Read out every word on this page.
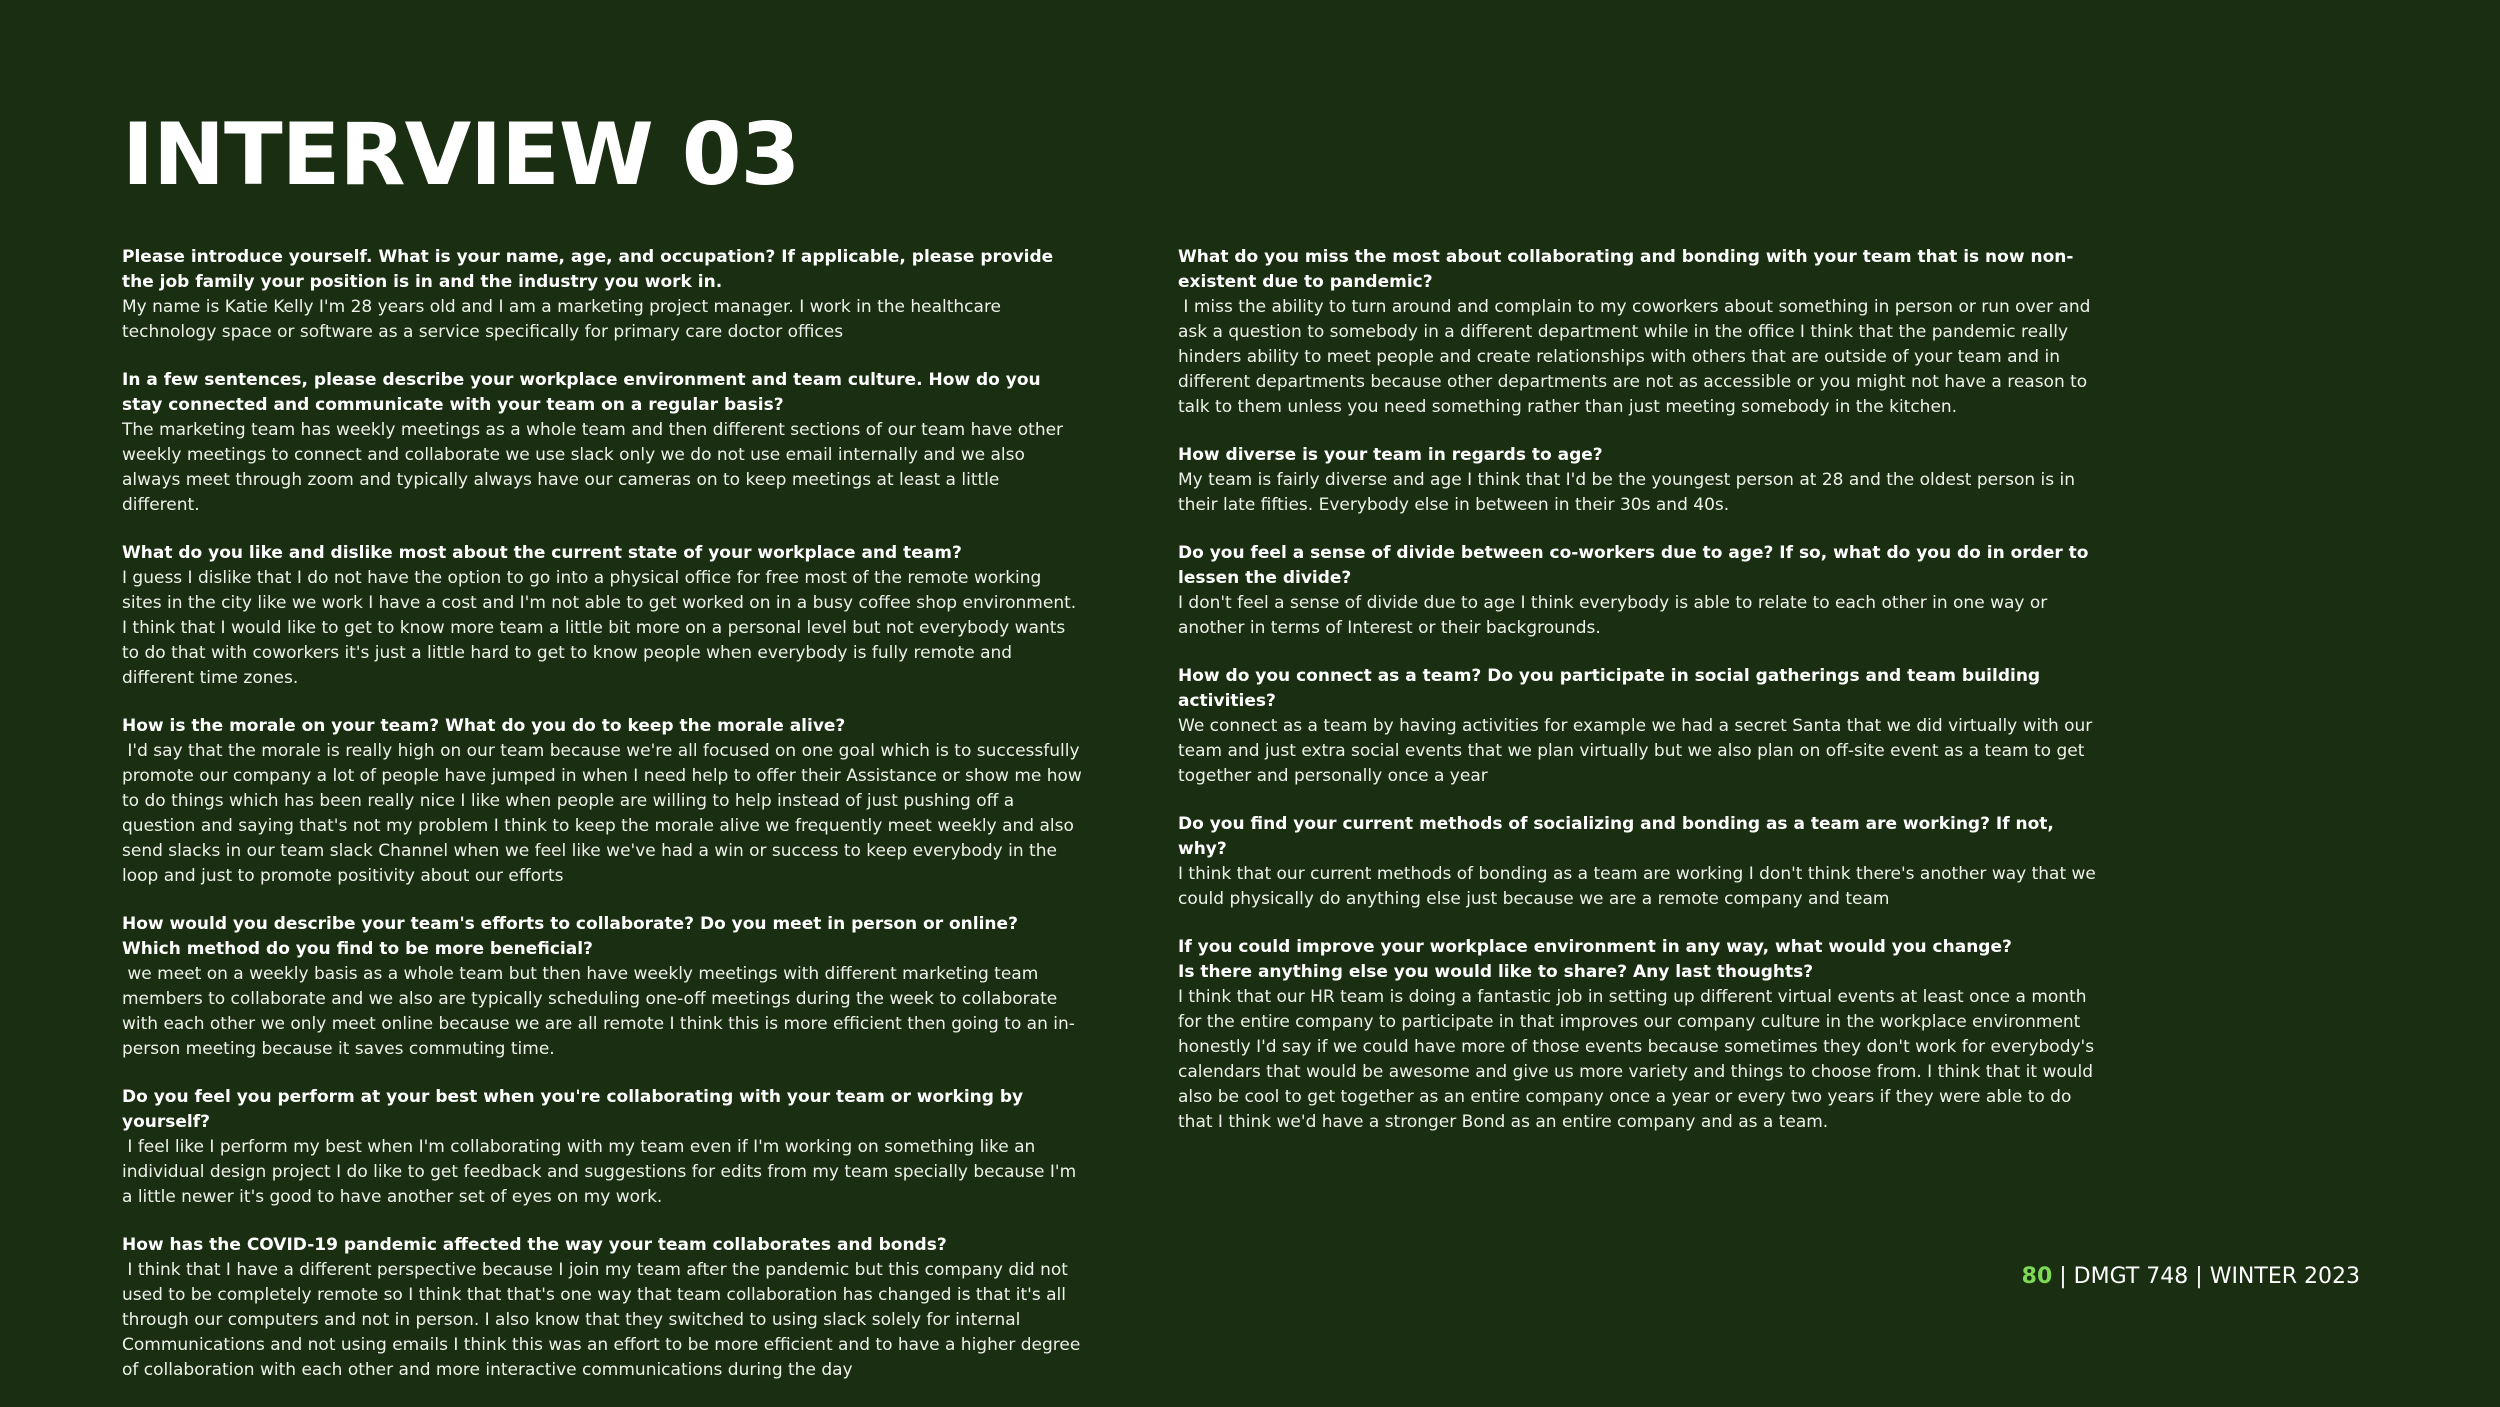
INTERVIEW 03

Please introduce yourself. What is your name, age, and occupation? If applicable, please provide the job family your position is in and the industry you work in.

My name is Katie Kelly I'm 28 years old and I am a marketing project manager. I work in the healthcare technology space or software as a service specifically for primary care doctor offices

In a few sentences, please describe your workplace environment and team culture. How do you stay connected and communicate with your team on a regular basis?

The marketing team has weekly meetings as a whole team and then different sections of our team have other weekly meetings to connect and collaborate we use slack only we do not use email internally and we also always meet through zoom and typically always have our cameras on to keep meetings at least a little different.

What do you like and dislike most about the current state of your workplace and team?

I guess I dislike that I do not have the option to go into a physical office for free most of the remote working sites in the city like we work I have a cost and I'm not able to get worked on in a busy coffee shop environment. I think that I would like to get to know more team a little bit more on a personal level but not everybody wants to do that with coworkers it's just a little hard to get to know people when everybody is fully remote and different time zones.

How is the morale on your team? What do you do to keep the morale alive?

I'd say that the morale is really high on our team because we're all focused on one goal which is to successfully promote our company a lot of people have jumped in when I need help to offer their Assistance or show me how to do things which has been really nice I like when people are willing to help instead of just pushing off a question and saying that's not my problem I think to keep the morale alive we frequently meet weekly and also send slacks in our team slack Channel when we feel like we've had a win or success to keep everybody in the loop and just to promote positivity about our efforts

How would you describe your team's efforts to collaborate? Do you meet in person or online? Which method do you find to be more beneficial?

we meet on a weekly basis as a whole team but then have weekly meetings with different marketing team members to collaborate and we also are typically scheduling one-off meetings during the week to collaborate with each other we only meet online because we are all remote I think this is more efficient then going to an in-person meeting because it saves commuting time.

Do you feel you perform at your best when you're collaborating with your team or working by yourself?

I feel like I perform my best when I'm collaborating with my team even if I'm working on something like an individual design project I do like to get feedback and suggestions for edits from my team specially because I'm a little newer it's good to have another set of eyes on my work.

How has the COVID-19 pandemic affected the way your team collaborates and bonds?

I think that I have a different perspective because I join my team after the pandemic but this company did not used to be completely remote so I think that that's one way that team collaboration has changed is that it's all through our computers and not in person. I also know that they switched to using slack solely for internal Communications and not using emails I think this was an effort to be more efficient and to have a higher degree of collaboration with each other and more interactive communications during the day

What do you miss the most about collaborating and bonding with your team that is now non-existent due to pandemic?

I miss the ability to turn around and complain to my coworkers about something in person or run over and ask a question to somebody in a different department while in the office I think that the pandemic really hinders ability to meet people and create relationships with others that are outside of your team and in different departments because other departments are not as accessible or you might not have a reason to talk to them unless you need something rather than just meeting somebody in the kitchen.

How diverse is your team in regards to age?

My team is fairly diverse and age I think that I'd be the youngest person at 28 and the oldest person is in their late fifties. Everybody else in between in their 30s and 40s.

Do you feel a sense of divide between co-workers due to age? If so, what do you do in order to lessen the divide?

I don't feel a sense of divide due to age I think everybody is able to relate to each other in one way or another in terms of Interest or their backgrounds.

How do you connect as a team? Do you participate in social gatherings and team building activities?

We connect as a team by having activities for example we had a secret Santa that we did virtually with our team and just extra social events that we plan virtually but we also plan on off-site event as a team to get together and personally once a year

Do you find your current methods of socializing and bonding as a team are working? If not, why?

I think that our current methods of bonding as a team are working I don't think there's another way that we could physically do anything else just because we are a remote company and team

If you could improve your workplace environment in any way, what would you change?
Is there anything else you would like to share? Any last thoughts?

I think that our HR team is doing a fantastic job in setting up different virtual events at least once a month for the entire company to participate in that improves our company culture in the workplace environment honestly I'd say if we could have more of those events because sometimes they don't work for everybody's calendars that would be awesome and give us more variety and things to choose from. I think that it would also be cool to get together as an entire company once a year or every two years if they were able to do that I think we'd have a stronger Bond as an entire company and as a team.

80 | DMGT 748 | WINTER 2023
